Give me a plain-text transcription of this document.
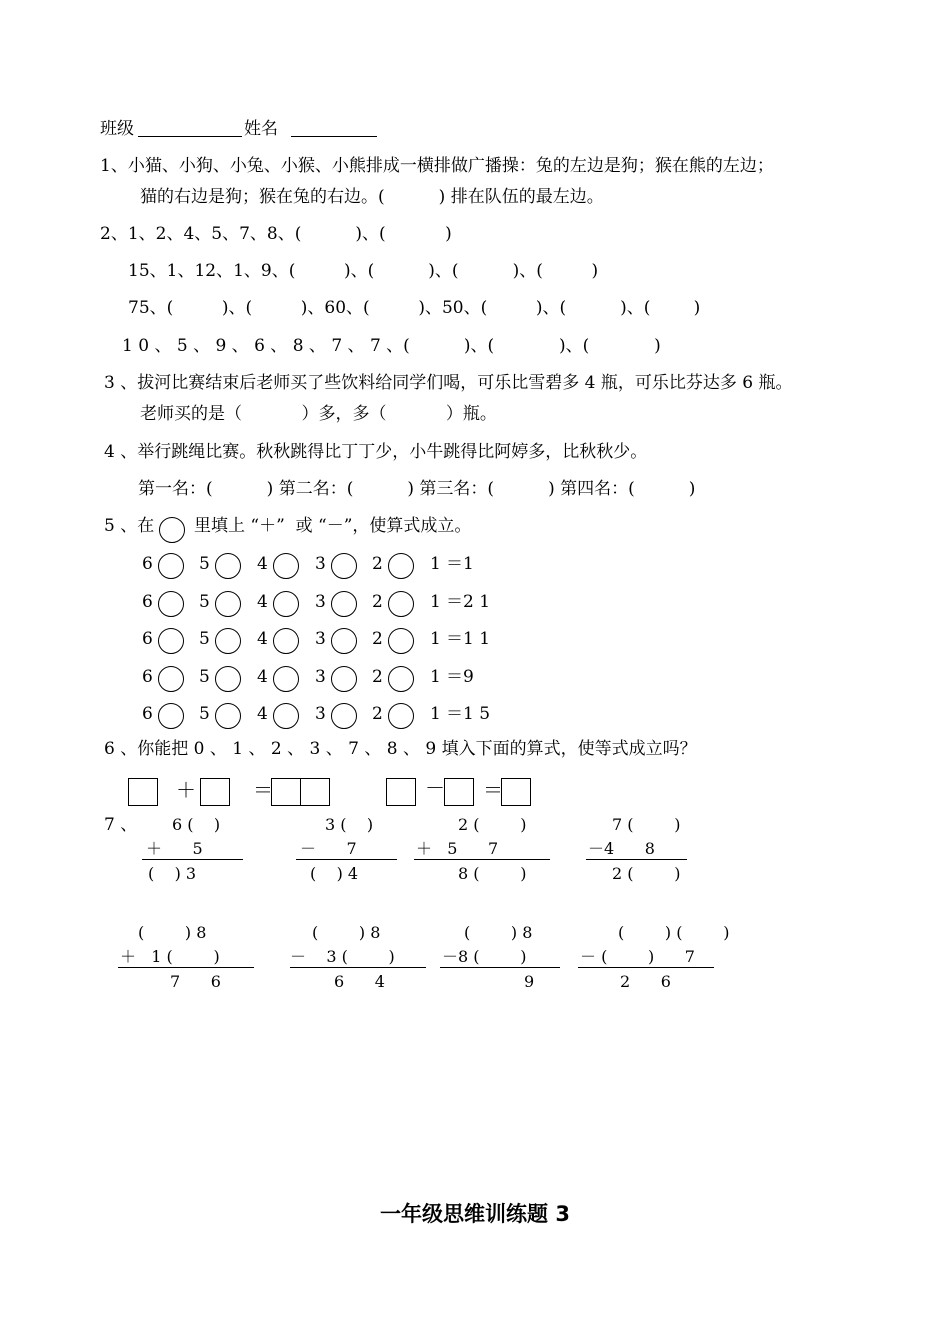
班级	姓名
1、小猫、小狗、小兔、小猴、小熊排成一横排做广播操：兔的左边是狗；猴在熊的左边；
猫的右边是狗；猴在兔的右边。(          ) 排在队伍的最左边。
2、1、2、4、5、7、8、(          )、(           )
15、1、12、1、9、(         )、(          )、(          )、(         )
75、(         )、(         )、60、(         )、50、(         )、(          )、(        )
1 0 、 5 、 9 、 6 、 8 、 7 、 7 、(          )、(            )、(            )
3 、拔河比赛结束后老师买了些饮料给同学们喝，可乐比雪碧多 4 瓶，可乐比芬达多 6 瓶。
老师买的是（           ）多，多（           ）瓶。
4 、举行跳绳比赛。秋秋跳得比丁丁少，小牛跳得比阿婷多，比秋秋少。
第一名：(          ) 第二名：(          ) 第三名：(          ) 第四名：(          )
5 、在 里填上 “＋”  或 “－”，使算式成立。
6	5	4	3	2	1 ＝1
6	5	4	3	2	1 ＝2 1
6	5	4	3	2	1 ＝1 1
6	5	4	3	2	1 ＝9
6	5	4	3	2	1 ＝1 5
6 、你能把 0 、 1 、 2 、 3 、 7 、 8 、 9 填入下面的算式，使等式成立吗？
＋	＝	－ ＝
7 、 6 (    )
＋      5
(    ) 3
3 (    )
－      7
(    ) 4
2 (        )
＋   5      7
8 (        )
7 (        )
－4      8
2 (        )
(        ) 8
＋   1 (        )
7      6
(        ) 8
－    3 (        )
6      4
(        ) 8
－8 (        )
9
(        ) (        )
－ (        )      7
2      6
一年级思维训练题 3
